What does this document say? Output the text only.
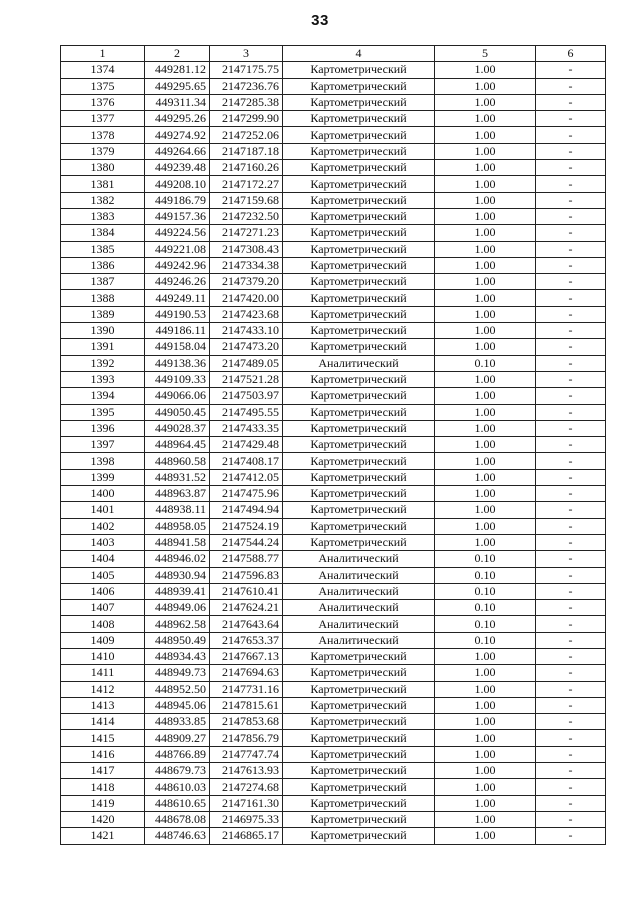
33
1	2	3	4	5	6
1374	449281.12	2147175.75	Картометрический	1.00	-
1375	449295.65	2147236.76	Картометрический	1.00	-
1376	449311.34	2147285.38	Картометрический	1.00	-
1377	449295.26	2147299.90	Картометрический	1.00	-
1378	449274.92	2147252.06	Картометрический	1.00	-
1379	449264.66	2147187.18	Картометрический	1.00	-
1380	449239.48	2147160.26	Картометрический	1.00	-
1381	449208.10	2147172.27	Картометрический	1.00	-
1382	449186.79	2147159.68	Картометрический	1.00	-
1383	449157.36	2147232.50	Картометрический	1.00	-
1384	449224.56	2147271.23	Картометрический	1.00	-
1385	449221.08	2147308.43	Картометрический	1.00	-
1386	449242.96	2147334.38	Картометрический	1.00	-
1387	449246.26	2147379.20	Картометрический	1.00	-
1388	449249.11	2147420.00	Картометрический	1.00	-
1389	449190.53	2147423.68	Картометрический	1.00	-
1390	449186.11	2147433.10	Картометрический	1.00	-
1391	449158.04	2147473.20	Картометрический	1.00	-
1392	449138.36	2147489.05	Аналитический	0.10	-
1393	449109.33	2147521.28	Картометрический	1.00	-
1394	449066.06	2147503.97	Картометрический	1.00	-
1395	449050.45	2147495.55	Картометрический	1.00	-
1396	449028.37	2147433.35	Картометрический	1.00	-
1397	448964.45	2147429.48	Картометрический	1.00	-
1398	448960.58	2147408.17	Картометрический	1.00	-
1399	448931.52	2147412.05	Картометрический	1.00	-
1400	448963.87	2147475.96	Картометрический	1.00	-
1401	448938.11	2147494.94	Картометрический	1.00	-
1402	448958.05	2147524.19	Картометрический	1.00	-
1403	448941.58	2147544.24	Картометрический	1.00	-
1404	448946.02	2147588.77	Аналитический	0.10	-
1405	448930.94	2147596.83	Аналитический	0.10	-
1406	448939.41	2147610.41	Аналитический	0.10	-
1407	448949.06	2147624.21	Аналитический	0.10	-
1408	448962.58	2147643.64	Аналитический	0.10	-
1409	448950.49	2147653.37	Аналитический	0.10	-
1410	448934.43	2147667.13	Картометрический	1.00	-
1411	448949.73	2147694.63	Картометрический	1.00	-
1412	448952.50	2147731.16	Картометрический	1.00	-
1413	448945.06	2147815.61	Картометрический	1.00	-
1414	448933.85	2147853.68	Картометрический	1.00	-
1415	448909.27	2147856.79	Картометрический	1.00	-
1416	448766.89	2147747.74	Картометрический	1.00	-
1417	448679.73	2147613.93	Картометрический	1.00	-
1418	448610.03	2147274.68	Картометрический	1.00	-
1419	448610.65	2147161.30	Картометрический	1.00	-
1420	448678.08	2146975.33	Картометрический	1.00	-
1421	448746.63	2146865.17	Картометрический	1.00	-
